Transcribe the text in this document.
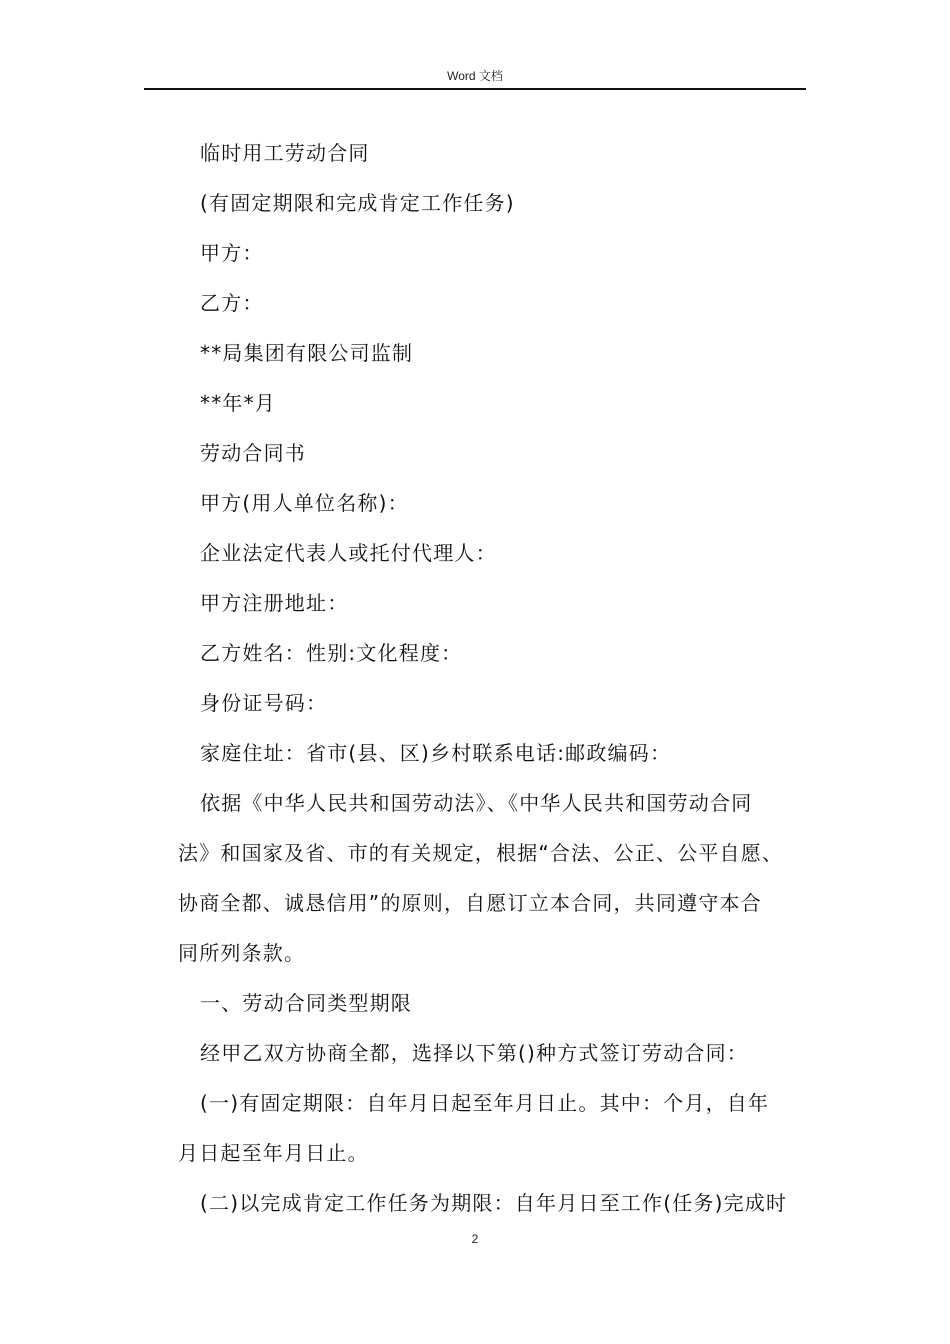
Word 文档
临时用工劳动合同
(有固定期限和完成肯定工作任务)
甲方：
乙方：
**局集团有限公司监制
**年*月
劳动合同书
甲方(用人单位名称)：
企业法定代表人或托付代理人：
甲方注册地址：
乙方姓名：性别:文化程度：
身份证号码：
家庭住址：省市(县、区)乡村联系电话:邮政编码：
依据《中华人民共和国劳动法》、《中华人民共和国劳动合同
法》和国家及省、市的有关规定，根据“合法、公正、公平自愿、
协商全都、诚恳信用”的原则，自愿订立本合同，共同遵守本合
同所列条款。
一、劳动合同类型期限
经甲乙双方协商全都，选择以下第()种方式签订劳动合同：
(一)有固定期限：自年月日起至年月日止。其中：个月，自年
月日起至年月日止。
(二)以完成肯定工作任务为期限：自年月日至工作(任务)完成时
2
